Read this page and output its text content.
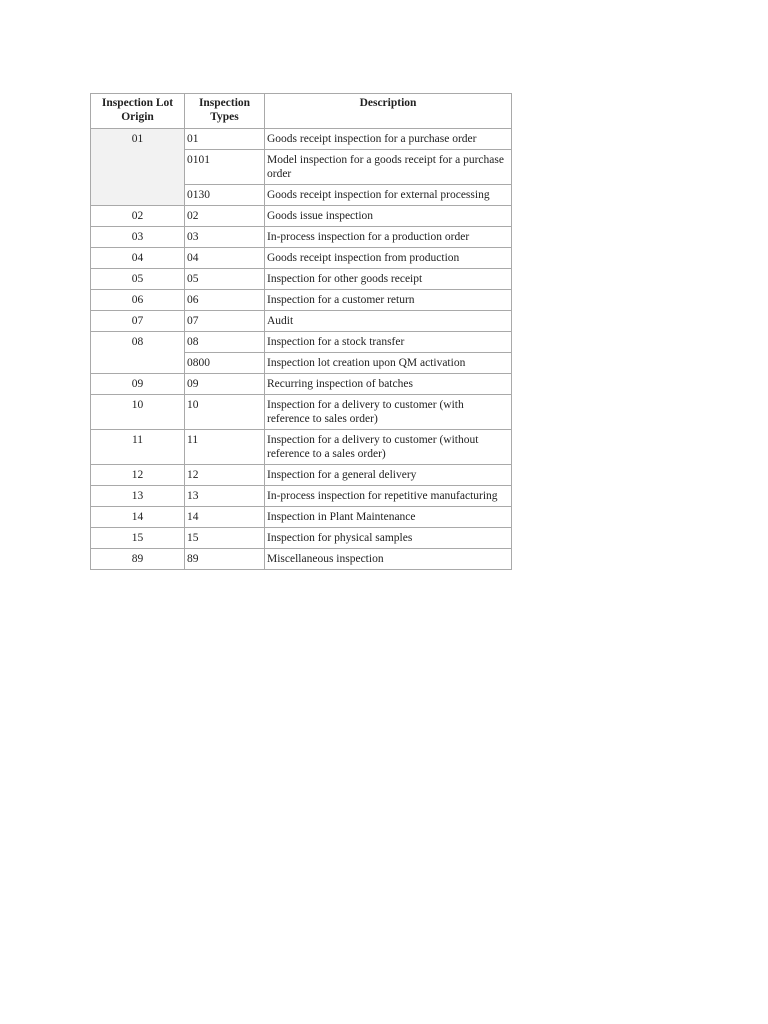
Inspection Lot Origin	Inspection Types	Description
01	01	Goods receipt inspection for a purchase order
	0101	Model inspection for a goods receipt for a purchase order
	0130	Goods receipt inspection for external processing
02	02	Goods issue inspection
03	03	In-process inspection for a production order
04	04	Goods receipt inspection from production
05	05	Inspection for other goods receipt
06	06	Inspection for a customer return
07	07	Audit
08	08	Inspection for a stock transfer
	0800	Inspection lot creation upon QM activation
09	09	Recurring inspection of batches
10	10	Inspection for a delivery to customer (with reference to sales order)
11	11	Inspection for a delivery to customer (without reference to a sales order)
12	12	Inspection for a general delivery
13	13	In-process inspection for repetitive manufacturing
14	14	Inspection in Plant Maintenance
15	15	Inspection for physical samples
89	89	Miscellaneous inspection
